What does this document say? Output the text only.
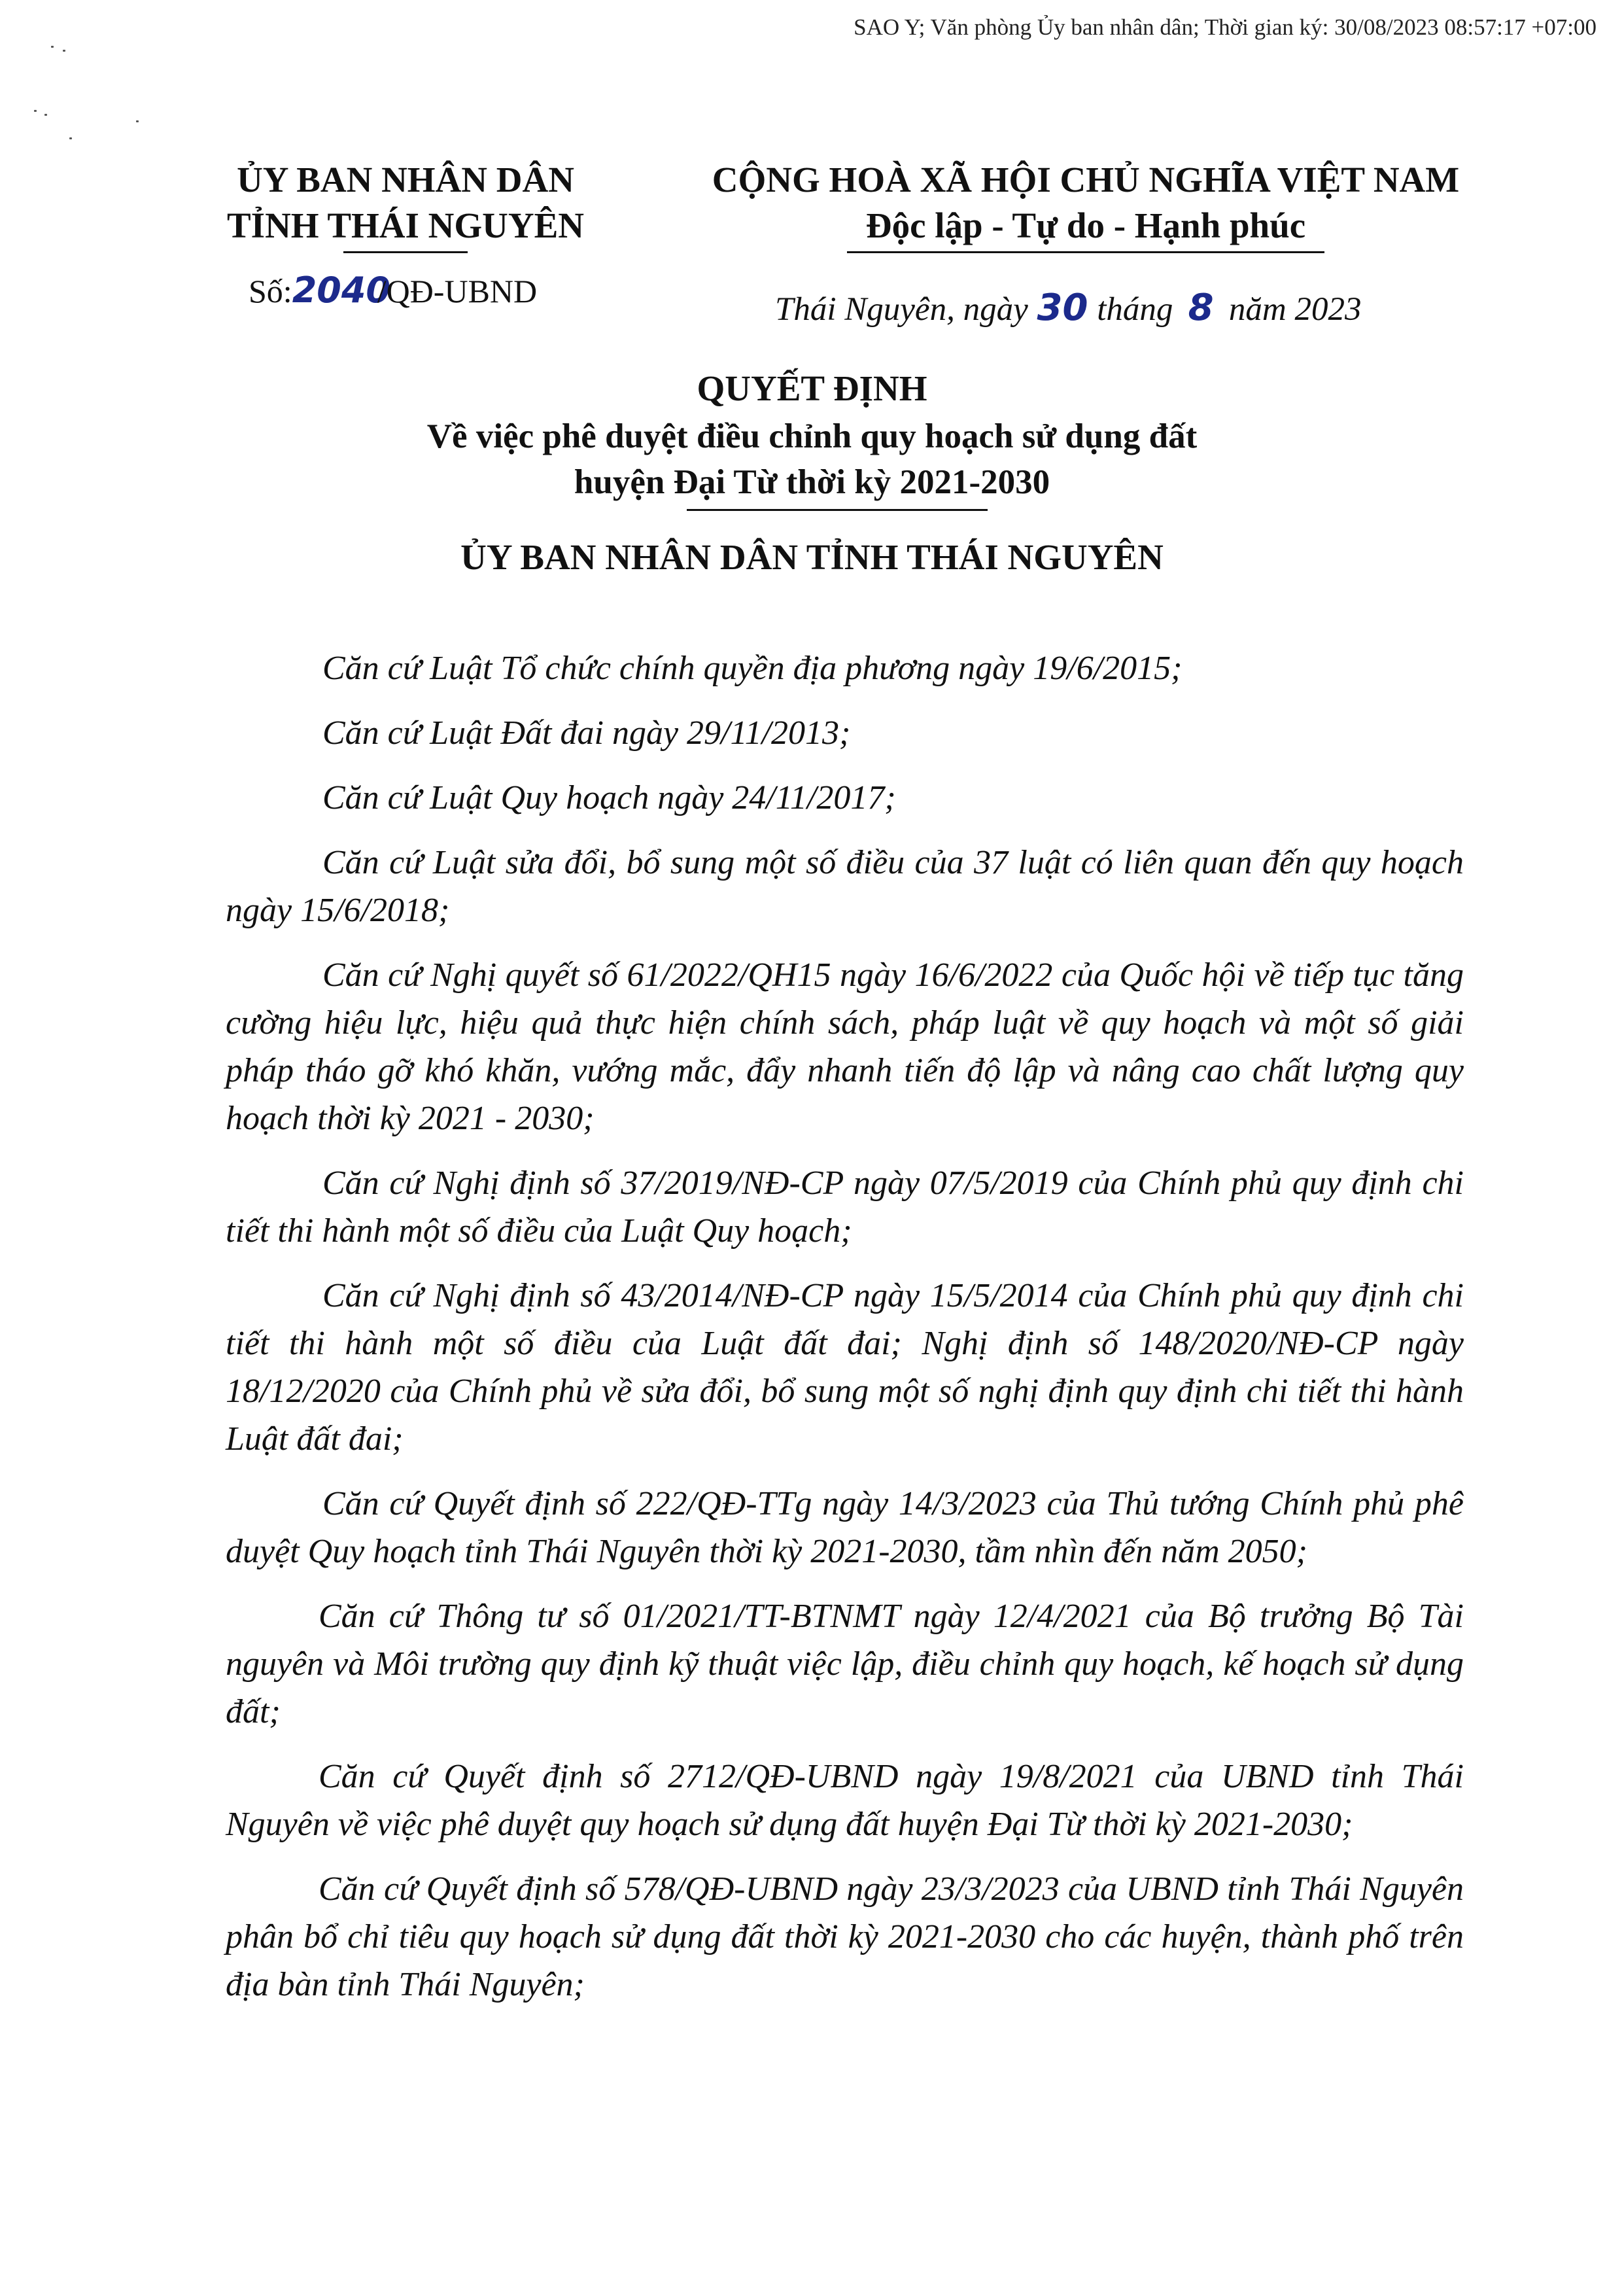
SAO Y; Văn phòng Ủy ban nhân dân; Thời gian ký: 30/08/2023 08:57:17 +07:00
ỦY BAN NHÂN DÂN
TỈNH THÁI NGUYÊN
Số:2040/QĐ-UBND
CỘNG HOÀ XÃ HỘI CHỦ NGHĨA VIỆT NAM
Độc lập - Tự do - Hạnh phúc
Thái Nguyên, ngày 30 tháng 8 năm 2023
QUYẾT ĐỊNH
Về việc phê duyệt điều chỉnh quy hoạch sử dụng đất
huyện Đại Từ thời kỳ 2021-2030
ỦY BAN NHÂN DÂN TỈNH THÁI NGUYÊN

Căn cứ Luật Tổ chức chính quyền địa phương ngày 19/6/2015;

Căn cứ Luật Đất đai ngày 29/11/2013;

Căn cứ Luật Quy hoạch ngày 24/11/2017;

Căn cứ Luật sửa đổi, bổ sung một số điều của 37 luật có liên quan đến quy hoạch ngày 15/6/2018;

Căn cứ Nghị quyết số 61/2022/QH15 ngày 16/6/2022 của Quốc hội về tiếp tục tăng cường hiệu lực, hiệu quả thực hiện chính sách, pháp luật về quy hoạch và một số giải pháp tháo gỡ khó khăn, vướng mắc, đẩy nhanh tiến độ lập và nâng cao chất lượng quy hoạch thời kỳ 2021 - 2030;

Căn cứ Nghị định số 37/2019/NĐ-CP ngày 07/5/2019 của Chính phủ quy định chi tiết thi hành một số điều của Luật Quy hoạch;

Căn cứ Nghị định số 43/2014/NĐ-CP ngày 15/5/2014 của Chính phủ quy định chi tiết thi hành một số điều của Luật đất đai; Nghị định số 148/2020/NĐ-CP ngày 18/12/2020 của Chính phủ về sửa đổi, bổ sung một số nghị định quy định chi tiết thi hành Luật đất đai;

Căn cứ Quyết định số 222/QĐ-TTg ngày 14/3/2023 của Thủ tướng Chính phủ phê duyệt Quy hoạch tỉnh Thái Nguyên thời kỳ 2021-2030, tầm nhìn đến năm 2050;

Căn cứ Thông tư số 01/2021/TT-BTNMT ngày 12/4/2021 của Bộ trưởng Bộ Tài nguyên và Môi trường quy định kỹ thuật việc lập, điều chỉnh quy hoạch, kế hoạch sử dụng đất;

Căn cứ Quyết định số 2712/QĐ-UBND ngày 19/8/2021 của UBND tỉnh Thái Nguyên về việc phê duyệt quy hoạch sử dụng đất huyện Đại Từ thời kỳ 2021-2030;

Căn cứ Quyết định số 578/QĐ-UBND ngày 23/3/2023 của UBND tỉnh Thái Nguyên phân bổ chỉ tiêu quy hoạch sử dụng đất thời kỳ 2021-2030 cho các huyện, thành phố trên địa bàn tỉnh Thái Nguyên;
